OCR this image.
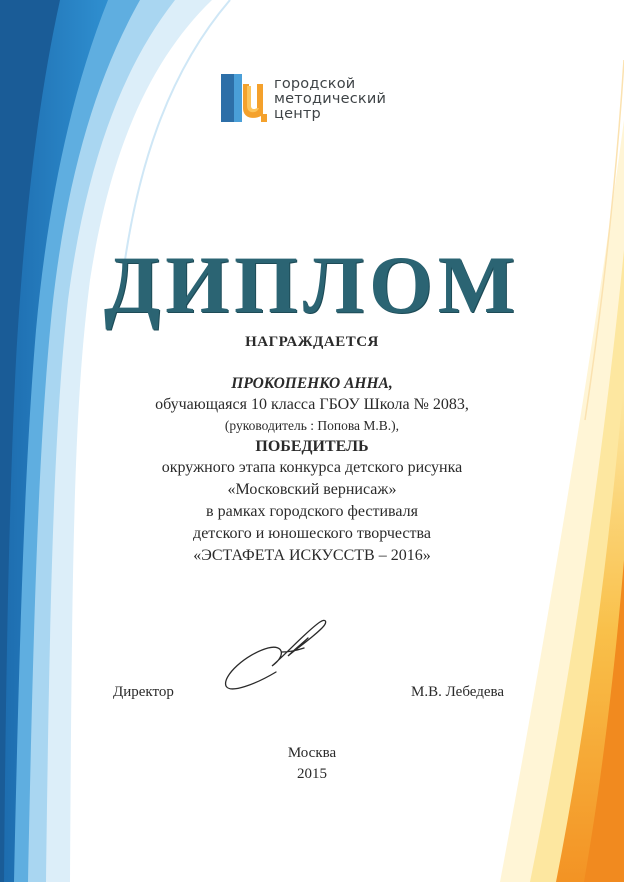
городской
методический
центр
ДИПЛОМ
НАГРАЖДАЕТСЯ
ПРОКОПЕНКО АННА,
обучающаяся 10 класса ГБОУ Школа № 2083,
(руководитель : Попова М.В.),
ПОБЕДИТЕЛЬ
окружного этапа конкурса детского рисунка
«Московский вернисаж»
в рамках городского фестиваля
детского и юношеского творчества
«ЭСТАФЕТА ИСКУССТВ – 2016»
Директор	М.В. Лебедева
Москва
2015
